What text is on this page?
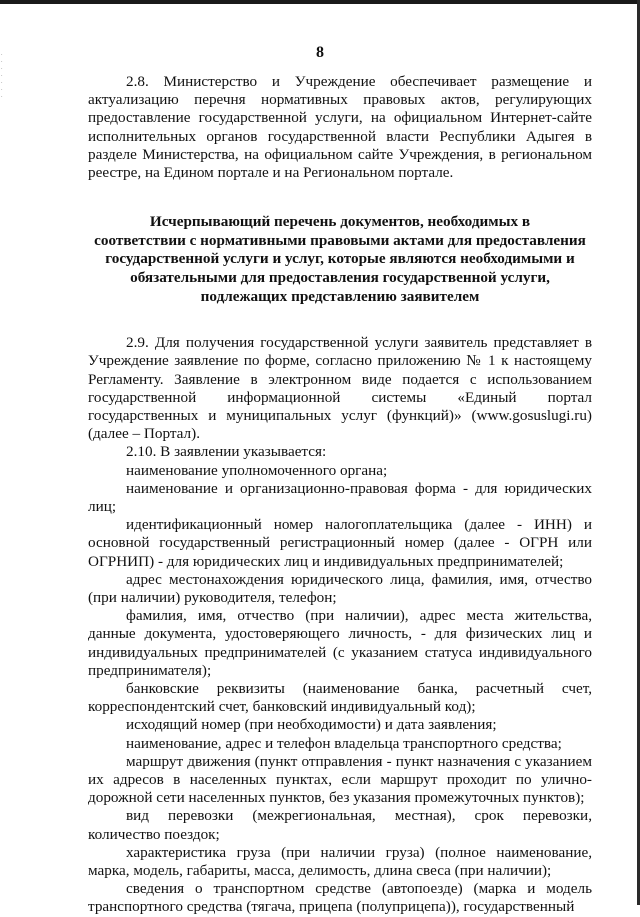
·
·
·
·
·
·
·
8

2.8. Министерство и Учреждение обеспечивает размещение и актуализацию перечня нормативных правовых актов, регулирующих предоставление государственной услуги, на официальном Интернет-сайте исполнительных органов государственной власти Республики Адыгея в разделе Министерства, на официальном сайте Учреждения, в региональном реестре, на Едином портале и на Региональном портале.

Исчерпывающий перечень документов, необходимых в
соответствии с нормативными правовыми актами для предоставления
государственной услуги и услуг, которые являются необходимыми и
обязательными для предоставления государственной услуги,
подлежащих представлению заявителем

2.9. Для получения государственной услуги заявитель представляет в Учреждение заявление по форме, согласно приложению № 1 к настоящему Регламенту. Заявление в электронном виде подается с использованием государственной информационной системы «Единый портал государственных и муниципальных услуг (функций)» (www.gosuslugi.ru) (далее – Портал).

2.10. В заявлении указывается:

наименование уполномоченного органа;

наименование и организационно-правовая форма - для юридических лиц;

идентификационный номер налогоплательщика (далее - ИНН) и основной государственный регистрационный номер (далее - ОГРН или ОГРНИП) - для юридических лиц и индивидуальных предпринимателей;

адрес местонахождения юридического лица, фамилия, имя, отчество (при наличии) руководителя, телефон;

фамилия, имя, отчество (при наличии), адрес места жительства, данные документа, удостоверяющего личность, - для физических лиц и индивидуальных предпринимателей (с указанием статуса индивидуального предпринимателя);

банковские реквизиты (наименование банка, расчетный счет, корреспондентский счет, банковский индивидуальный код);

исходящий номер (при необходимости) и дата заявления;

наименование, адрес и телефон владельца транспортного средства;

маршрут движения (пункт отправления - пункт назначения с указанием их адресов в населенных пунктах, если маршрут проходит по улично-дорожной сети населенных пунктов, без указания промежуточных пунктов);

вид перевозки (межрегиональная, местная), срок перевозки, количество поездок;

характеристика груза (при наличии груза) (полное наименование, марка, модель, габариты, масса, делимость, длина свеса (при наличии);

сведения о транспортном средстве (автопоезде) (марка и модель транспортного средства (тягача, прицепа (полуприцепа)), государственный
